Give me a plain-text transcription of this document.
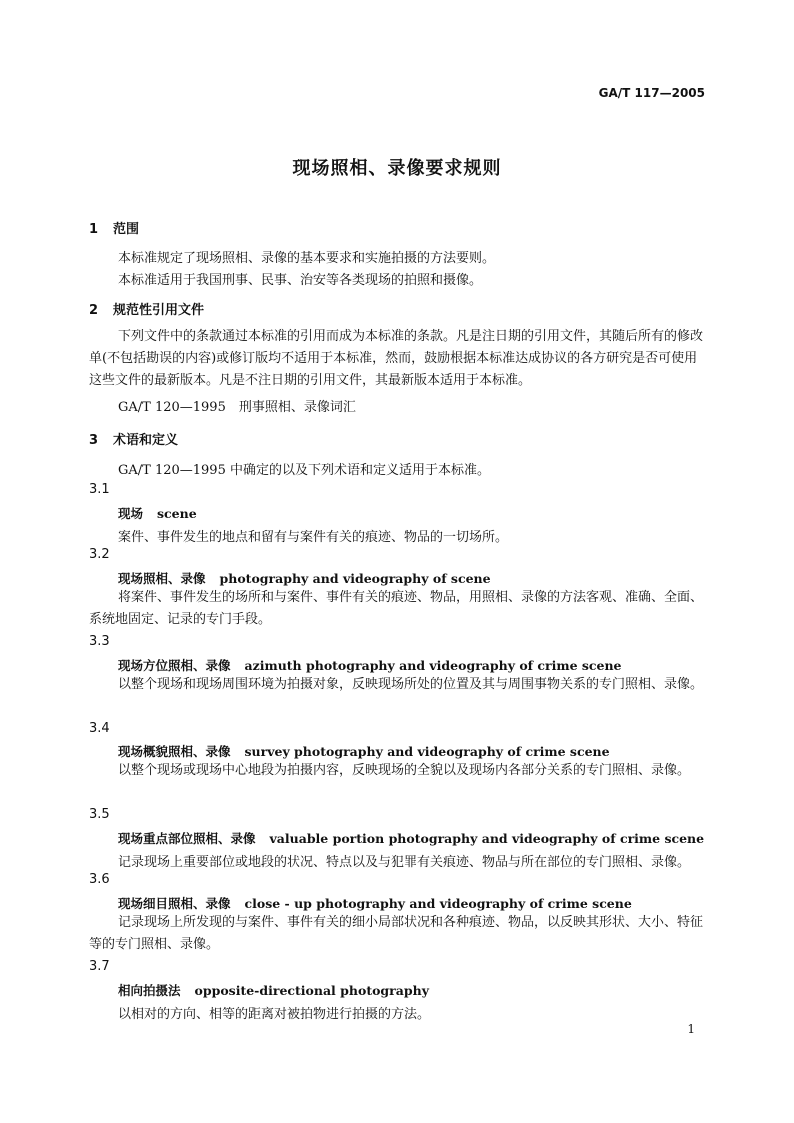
GA/T 117—2005
现场照相、录像要求规则
1 范围
本标准规定了现场照相、录像的基本要求和实施拍摄的方法要则。
本标准适用于我国刑事、民事、治安等各类现场的拍照和摄像。
2 规范性引用文件
下列文件中的条款通过本标准的引用而成为本标准的条款。凡是注日期的引用文件，其随后所有的修改单(不包括勘误的内容)或修订版均不适用于本标准，然而，鼓励根据本标准达成协议的各方研究是否可使用这些文件的最新版本。凡是不注日期的引用文件，其最新版本适用于本标准。
GA/T 120—1995　刑事照相、录像词汇
3 术语和定义
GA/T 120—1995 中确定的以及下列术语和定义适用于本标准。
3.1
现场 scene
案件、事件发生的地点和留有与案件有关的痕迹、物品的一切场所。
3.2
现场照相、录像 photography and videography of scene
将案件、事件发生的场所和与案件、事件有关的痕迹、物品，用照相、录像的方法客观、准确、全面、系统地固定、记录的专门手段。
3.3
现场方位照相、录像 azimuth photography and videography of crime scene
以整个现场和现场周围环境为拍摄对象，反映现场所处的位置及其与周围事物关系的专门照相、录像。
3.4
现场概貌照相、录像 survey photography and videography of crime scene
以整个现场或现场中心地段为拍摄内容，反映现场的全貌以及现场内各部分关系的专门照相、录像。
3.5
现场重点部位照相、录像 valuable portion photography and videography of crime scene
记录现场上重要部位或地段的状况、特点以及与犯罪有关痕迹、物品与所在部位的专门照相、录像。
3.6
现场细目照相、录像 close - up photography and videography of crime scene
记录现场上所发现的与案件、事件有关的细小局部状况和各种痕迹、物品，以反映其形状、大小、特征等的专门照相、录像。
3.7
相向拍摄法 opposite-directional photography
以相对的方向、相等的距离对被拍物进行拍摄的方法。
1
